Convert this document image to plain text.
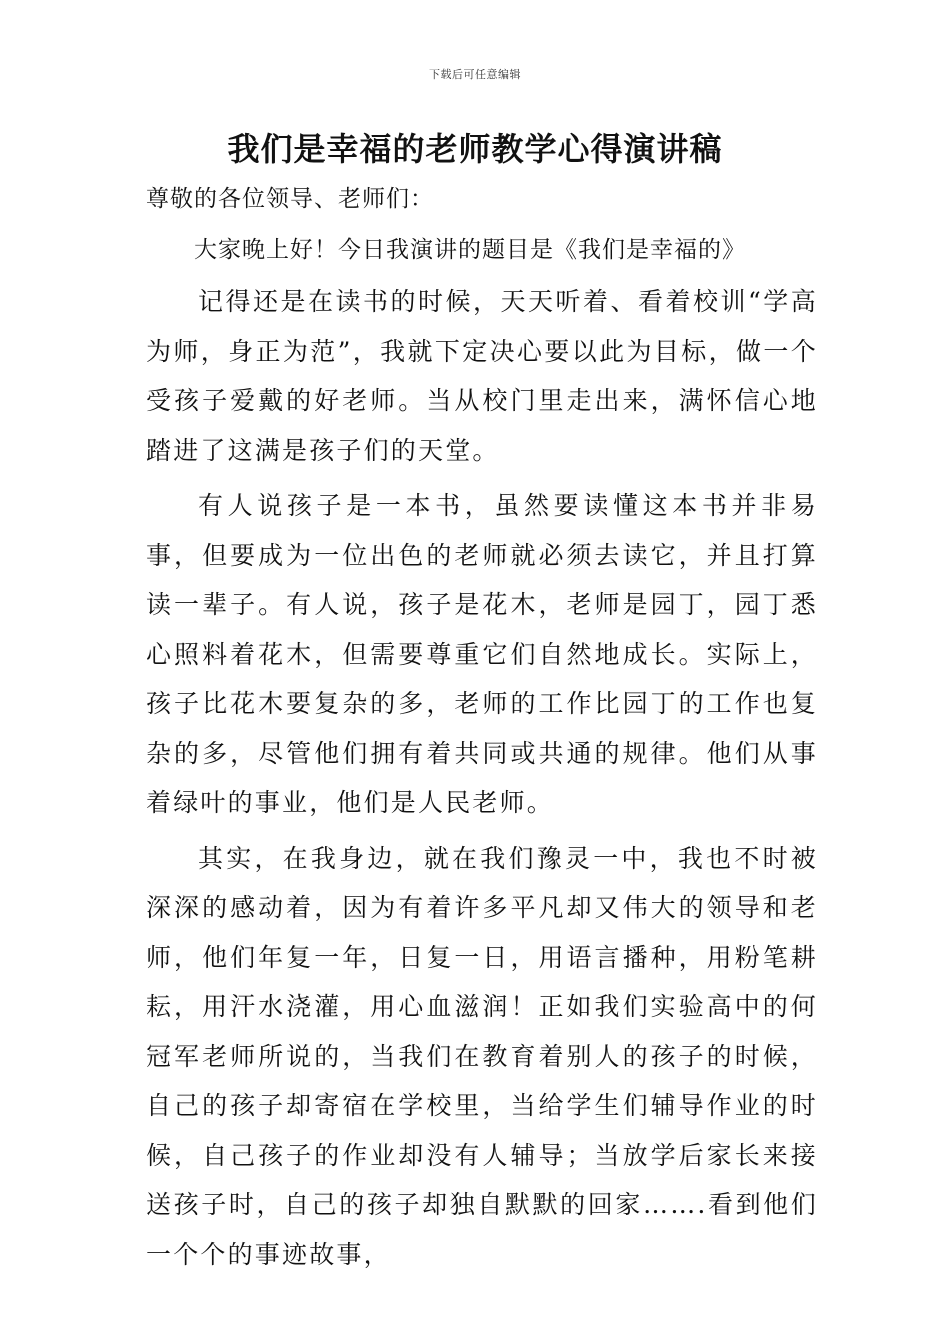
下载后可任意编辑
我们是幸福的老师教学心得演讲稿

尊敬的各位领导、老师们：

大家晚上好！今日我演讲的题目是《我们是幸福的》

记得还是在读书的时候，天天听着、看着校训“学高为师，身正为范”，我就下定决心要以此为目标，做一个受孩子爱戴的好老师。当从校门里走出来，满怀信心地踏进了这满是孩子们的天堂。

有人说孩子是一本书，虽然要读懂这本书并非易事，但要成为一位出色的老师就必须去读它，并且打算读一辈子。有人说，孩子是花木，老师是园丁，园丁悉心照料着花木，但需要尊重它们自然地成长。实际上，孩子比花木要复杂的多，老师的工作比园丁的工作也复杂的多，尽管他们拥有着共同或共通的规律。他们从事着绿叶的事业，他们是人民老师。

其实，在我身边，就在我们豫灵一中，我也不时被深深的感动着，因为有着许多平凡却又伟大的领导和老师，他们年复一年，日复一日，用语言播种，用粉笔耕耘，用汗水浇灌，用心血滋润！正如我们实验高中的何冠军老师所说的，当我们在教育着别人的孩子的时候，自己的孩子却寄宿在学校里，当给学生们辅导作业的时候，自己孩子的作业却没有人辅导；当放学后家长来接送孩子时，自己的孩子却独自默默的回家…….看到他们一个个的事迹故事，
